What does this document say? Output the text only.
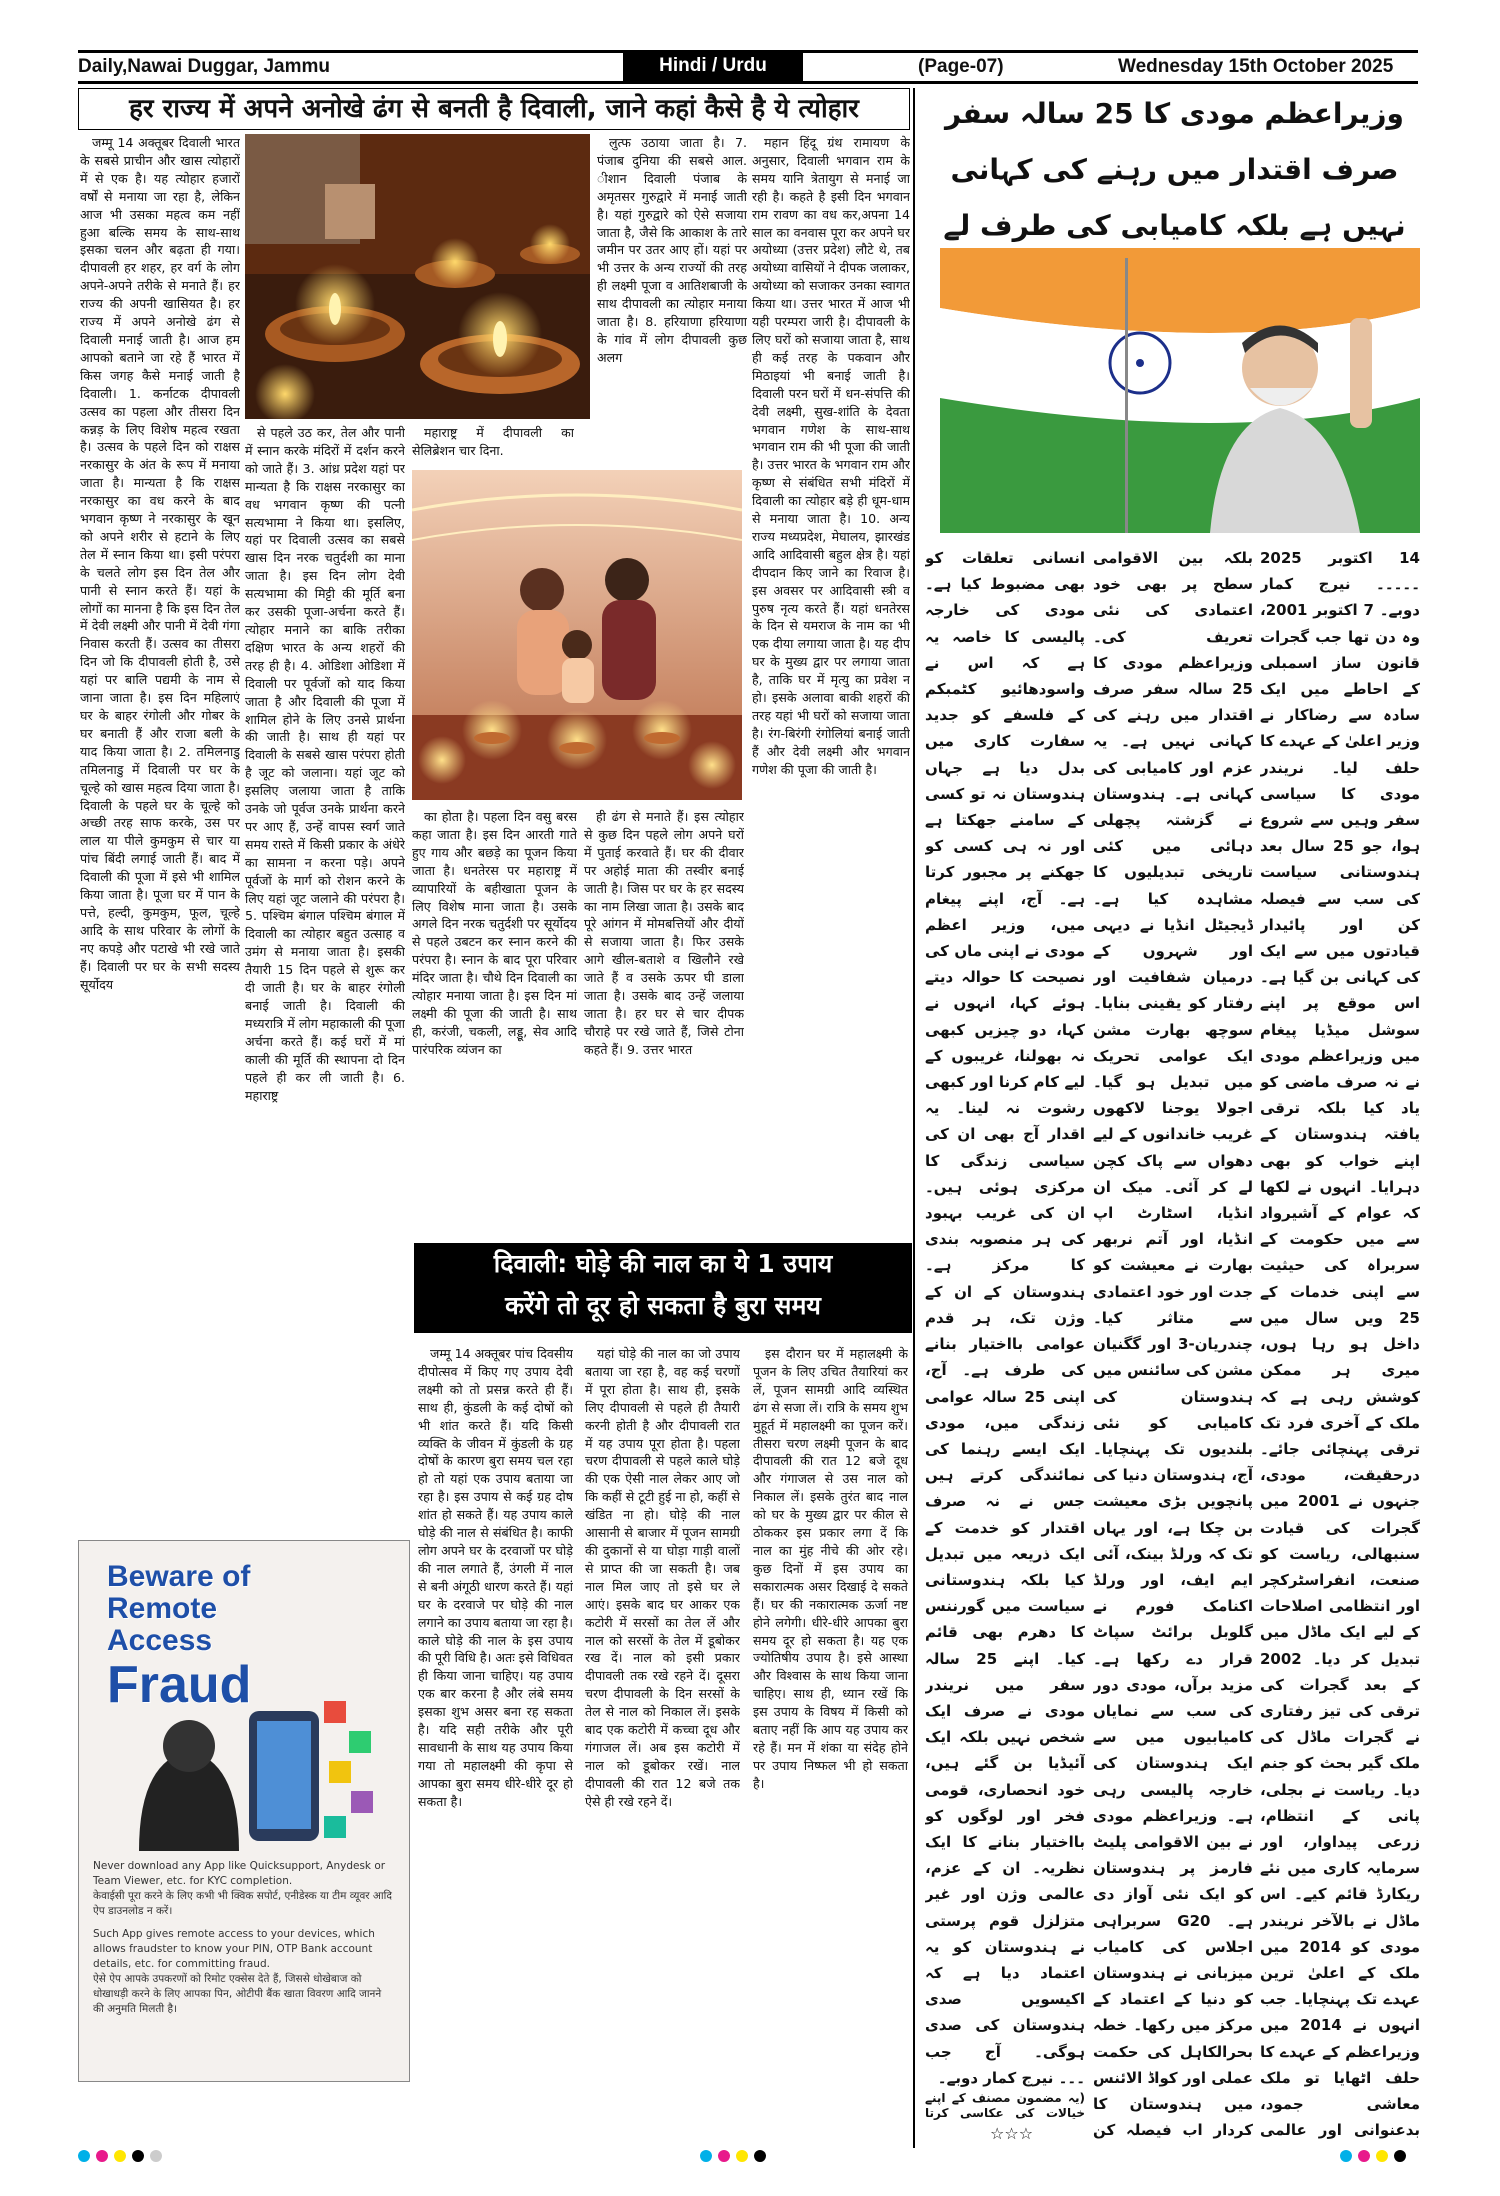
Daily,Nawai Duggar, Jammu	Hindi / Urdu	(Page-07)	Wednesday 15th October 2025
हर राज्य में अपने अनोखे ढंग से बनती है दिवाली, जाने कहां कैसे है ये त्योहार

जम्मू 14 अक्तूबर दिवाली भारत के सबसे प्राचीन और खास त्योहारों में से एक है। यह त्योहार हजारों वर्षों से मनाया जा रहा है, लेकिन आज भी उसका महत्व कम नहीं हुआ बल्कि समय के साथ-साथ इसका चलन और बढ़ता ही गया। दीपावली हर शहर, हर वर्ग के लोग अपने-अपने तरीके से मनाते हैं। हर राज्य की अपनी खासियत है। हर राज्य में अपने अनोखे ढंग से दिवाली मनाई जाती है। आज हम आपको बताने जा रहे हैं भारत में किस जगह कैसे मनाई जाती है दिवाली। 1. कर्नाटक दीपावली उत्सव का पहला और तीसरा दिन कन्नड़ के लिए विशेष महत्व रखता है। उत्सव के पहले दिन को राक्षस नरकासुर के अंत के रूप में मनाया जाता है। मान्यता है कि राक्षस नरकासुर का वध करने के बाद भगवान कृष्ण ने नरकासुर के खून को अपने शरीर से हटाने के लिए तेल में स्नान किया था। इसी परंपरा के चलते लोग इस दिन तेल और पानी से स्नान करते हैं। यहां के लोगों का मानना है कि इस दिन तेल में देवी लक्ष्मी और पानी में देवी गंगा निवास करती हैं। उत्सव का तीसरा दिन जो कि दीपावली होती है, उसे यहां पर बालि पद्यमी के नाम से जाना जाता है। इस दिन महिलाएं घर के बाहर रंगोली और गोबर के घर बनाती हैं और राजा बली के याद किया जाता है। 2. तमिलनाडु तमिलनाडु में दिवाली पर घर के चूल्हे को खास महत्व दिया जाता है। दिवाली के पहले घर के चूल्हे को अच्छी तरह साफ करके, उस पर लाल या पीले कुमकुम से चार या पांच बिंदी लगाई जाती हैं। बाद में दिवाली की पूजा में इसे भी शामिल किया जाता है। पूजा घर में पान के पत्ते, हल्दी, कुमकुम, फूल, चूल्हे आदि के साथ परिवार के लोगों के नए कपड़े और पटाखे भी रखे जाते हैं। दिवाली पर घर के सभी सदस्य सूर्योदय

से पहले उठ कर, तेल और पानी में स्नान करके मंदिरों में दर्शन करने को जाते हैं। 3. आंध्र प्रदेश यहां पर मान्यता है कि राक्षस नरकासुर का वध भगवान कृष्ण की पत्नी सत्यभामा ने किया था। इसलिए, यहां पर दिवाली उत्सव का सबसे खास दिन नरक चतुर्दशी का माना जाता है। इस दिन लोग देवी सत्यभामा की मिट्टी की मूर्ति बना कर उसकी पूजा-अर्चना करते हैं। त्योहार मनाने का बाकि तरीका दक्षिण भारत के अन्य शहरों की तरह ही है। 4. ओडिशा ओडिशा में दिवाली पर पूर्वजों को याद किया जाता है और दिवाली की पूजा में शामिल होने के लिए उनसे प्रार्थना की जाती है। साथ ही यहां पर दिवाली के सबसे खास परंपरा होती है जूट को जलाना। यहां जूट को इसलिए जलाया जाता है ताकि उनके जो पूर्वज उनके प्रार्थना करने पर आए हैं, उन्हें वापस स्वर्ग जाते समय रास्ते में किसी प्रकार के अंधेरे का सामना न करना पड़े। अपने पूर्वजों के मार्ग को रोशन करने के लिए यहां जूट जलाने की परंपरा है। 5. पश्चिम बंगाल पश्चिम बंगाल में दिवाली का त्योहार बहुत उत्साह व उमंग से मनाया जाता है। इसकी तैयारी 15 दिन पहले से शुरू कर दी जाती है। घर के बाहर रंगोली बनाई जाती है। दिवाली की मध्यरात्रि में लोग महाकाली की पूजा अर्चना करते हैं। कई घरों में मां काली की मूर्ति की स्थापना दो दिन पहले ही कर ली जाती है। 6. महाराष्ट्र

महाराष्ट्र में दीपावली का सेलिब्रेशन चार दिना.

का होता है। पहला दिन वसु बरस कहा जाता है। इस दिन आरती गाते हुए गाय और बछड़े का पूजन किया जाता है। धनतेरस पर महाराष्ट्र में व्यापारियों के बहीखाता पूजन के लिए विशेष माना जाता है। उसके अगले दिन नरक चतुर्दशी पर सूर्योदय से पहले उबटन कर स्नान करने की परंपरा है। स्नान के बाद पूरा परिवार मंदिर जाता है। चौथे दिन दिवाली का त्योहार मनाया जाता है। इस दिन मां लक्ष्मी की पूजा की जाती है। साथ ही, करंजी, चकली, लड्डू, सेव आदि पारंपरिक व्यंजन का

लुत्फ उठाया जाता है। 7. पंजाब दुनिया की सबसे आल. ीशान दिवाली पंजाब के अमृतसर गुरुद्वारे में मनाई जाती है। यहां गुरुद्वारे को ऐसे सजाया जाता है, जैसे कि आकाश के तारे जमीन पर उतर आए हों। यहां पर भी उत्तर के अन्य राज्यों की तरह ही लक्ष्मी पूजा व आतिशबाजी के साथ दीपावली का त्योहार मनाया जाता है। 8. हरियाणा हरियाणा के गांव में लोग दीपावली कुछ अलग

ही ढंग से मनाते हैं। इस त्योहार से कुछ दिन पहले लोग अपने घरों में पुताई करवाते हैं। घर की दीवार पर अहोई माता की तस्वीर बनाई जाती है। जिस पर घर के हर सदस्य का नाम लिखा जाता है। उसके बाद पूरे आंगन में मोमबत्तियों और दीयों से सजाया जाता है। फिर उसके आगे खील-बताशे व खिलौने रखे जाते हैं व उसके ऊपर घी डाला जाता है। उसके बाद उन्हें जलाया जाता है। हर घर से चार दीपक चौराहे पर रखे जाते हैं, जिसे टोना कहते हैं। 9. उत्तर भारत

महान हिंदू ग्रंथ रामायण के अनुसार, दिवाली भगवान राम के समय यानि त्रेतायुग से मनाई जा रही है। कहते है इसी दिन भगवान राम रावण का वध कर,अपना 14 साल का वनवास पूरा कर अपने घर अयोध्या (उत्तर प्रदेश) लौटे थे, तब अयोध्या वासियों ने दीपक जलाकर, अयोध्या को सजाकर उनका स्वागत किया था। उत्तर भारत में आज भी यही परम्परा जारी है। दीपावली के लिए घरों को सजाया जाता है, साथ ही कई तरह के पकवान और मिठाइयां भी बनाई जाती है। दिवाली परन घरों में धन-संपत्ति की देवी लक्ष्मी, सुख-शांति के देवता भगवान गणेश के साथ-साथ भगवान राम की भी पूजा की जाती है। उत्तर भारत के भगवान राम और कृष्ण से संबंधित सभी मंदिरों में दिवाली का त्योहार बड़े ही धूम-धाम से मनाया जाता है। 10. अन्य राज्य मध्यप्रदेश, मेघालय, झारखंड आदि आदिवासी बहुल क्षेत्र है। यहां दीपदान किए जाने का रिवाज है। इस अवसर पर आदिवासी स्त्री व पुरुष नृत्य करते हैं। यहां धनतेरस के दिन से यमराज के नाम का भी एक दीया लगाया जाता है। यह दीप घर के मुख्य द्वार पर लगाया जाता है, ताकि घर में मृत्यु का प्रवेश न हो। इसके अलावा बाकी शहरों की तरह यहां भी घरों को सजाया जाता है। रंग-बिरंगी रंगोलियां बनाई जाती हैं और देवी लक्ष्मी और भगवान गणेश की पूजा की जाती है।

दिवाली: घोड़े की नाल का ये 1 उपाय
करेंगे तो दूर हो सकता है बुरा समय

जम्मू 14 अक्तूबर पांच दिवसीय दीपोत्सव में किए गए उपाय देवी लक्ष्मी को तो प्रसन्न करते ही हैं। साथ ही, कुंडली के कई दोषों को भी शांत करते हैं। यदि किसी व्यक्ति के जीवन में कुंडली के ग्रह दोषों के कारण बुरा समय चल रहा हो तो यहां एक उपाय बताया जा रहा है। इस उपाय से कई ग्रह दोष शांत हो सकते हैं। यह उपाय काले घोड़े की नाल से संबंधित है। काफी लोग अपने घर के दरवाजों पर घोड़े की नाल लगाते हैं, उंगली में नाल से बनी अंगूठी धारण करते हैं। यहां घर के दरवाजे पर घोड़े की नाल लगाने का उपाय बताया जा रहा है। काले घोड़े की नाल के इस उपाय की पूरी विधि है। अतः इसे विधिवत ही किया जाना चाहिए। यह उपाय एक बार करना है और लंबे समय इसका शुभ असर बना रह सकता है। यदि सही तरीके और पूरी सावधानी के साथ यह उपाय किया गया तो महालक्ष्मी की कृपा से आपका बुरा समय धीरे-धीरे दूर हो सकता है।

यहां घोड़े की नाल का जो उपाय बताया जा रहा है, वह कई चरणों में पूरा होता है। साथ ही, इसके लिए दीपावली से पहले ही तैयारी करनी होती है और दीपावली रात में यह उपाय पूरा होता है। पहला चरण दीपावली से पहले काले घोड़े की एक ऐसी नाल लेकर आए जो कि कहीं से टूटी हुई ना हो, कहीं से खंडित ना हो। घोड़े की नाल आसानी से बाजार में पूजन सामग्री की दुकानों से या घोड़ा गाड़ी वालों से प्राप्त की जा सकती है। जब नाल मिल जाए तो इसे घर ले आएं। इसके बाद घर आकर एक कटोरी में सरसों का तेल लें और नाल को सरसों के तेल में डूबोकर रख दें। नाल को इसी प्रकार दीपावली तक रखे रहने दें। दूसरा चरण दीपावली के दिन सरसों के तेल से नाल को निकाल लें। इसके बाद एक कटोरी में कच्चा दूध और गंगाजल लें। अब इस कटोरी में नाल को डूबोकर रखें। नाल दीपावली की रात 12 बजे तक ऐसे ही रखे रहने दें।

इस दौरान घर में महालक्ष्मी के पूजन के लिए उचित तैयारियां कर लें, पूजन सामग्री आदि व्यस्थित ढंग से सजा लें। रात्रि के समय शुभ मुहूर्त में महालक्ष्मी का पूजन करें। तीसरा चरण लक्ष्मी पूजन के बाद दीपावली की रात 12 बजे दूध और गंगाजल से उस नाल को निकाल लें। इसके तुरंत बाद नाल को घर के मुख्य द्वार पर कील से ठोककर इस प्रकार लगा दें कि नाल का मुंह नीचे की ओर रहे। कुछ दिनों में इस उपाय का सकारात्मक असर दिखाई दे सकते हैं। घर की नकारात्मक ऊर्जा नष्ट होने लगेगी। धीरे-धीरे आपका बुरा समय दूर हो सकता है। यह एक ज्योतिषीय उपाय है। इसे आस्था और विश्वास के साथ किया जाना चाहिए। साथ ही, ध्यान रखें कि इस उपाय के विषय में किसी को बताए नहीं कि आप यह उपाय कर रहे हैं। मन में शंका या संदेह होने पर उपाय निष्फल भी हो सकता है।

Beware of
Remote Access
Fraud
Never download any App like Quicksupport, Anydesk or Team Viewer, etc. for KYC completion.
केवाईसी पूरा करने के लिए कभी भी क्विक सपोर्ट, एनीडेस्क या टीम व्यूवर आदि ऐप डाउनलोड न करें।
Such App gives remote access to your devices, which allows fraudster to know your PIN, OTP Bank account details, etc. for committing fraud.
ऐसे ऐप आपके उपकरणों को रिमोट एक्सेस देते हैं, जिससे धोखेबाज को धोखाधड़ी करने के लिए आपका पिन, ओटीपी बैंक खाता विवरण आदि जानने की अनुमति मिलती है।
وزیراعظم مودی کا 25 سالہ سفر صرف اقتدار میں رہنے کی کہانی نہیں ہے بلکہ کامیابی کی طرف لے

14 اکتوبر 2025 ۔۔۔۔۔ نیرج کمار دوبے۔ 7 اکتوبر 2001، وہ دن تھا جب گجرات قانون ساز اسمبلی کے احاطے میں ایک سادہ سے رضاکار نے وزیر اعلیٰ کے عہدے کا حلف لیا۔ نریندر مودی کا سیاسی سفر وہیں سے شروع ہوا، جو 25 سال بعد ہندوستانی سیاست کی سب سے فیصلہ کن اور پائیدار قیادتوں میں سے ایک کی کہانی بن گیا ہے۔ اس موقع پر اپنے سوشل میڈیا پیغام میں وزیراعظم مودی نے نہ صرف ماضی کو یاد کیا بلکہ ترقی یافتہ ہندوستان کے اپنے خواب کو بھی دہرایا۔ انہوں نے لکھا کہ عوام کے آشیرواد سے میں حکومت کے سربراہ کی حیثیت سے اپنی خدمات کے 25 ویں سال میں داخل ہو رہا ہوں، میری ہر ممکن کوشش رہی ہے کہ ملک کے آخری فرد تک ترقی پہنچائی جائے۔ درحقیقت، مودی، جنہوں نے 2001 میں گجرات کی قیادت سنبھالی، ریاست کو صنعت، انفراسٹرکچر اور انتظامی اصلاحات کے لیے ایک ماڈل میں تبدیل کر دیا۔ 2002 کے بعد گجرات کی ترقی کی تیز رفتاری نے گجرات ماڈل کی ملک گیر بحث کو جنم دیا۔ ریاست نے بجلی، پانی کے انتظام، زرعی پیداوار، اور سرمایہ کاری میں نئے ریکارڈ قائم کیے۔ اس ماڈل نے بالآخر نریندر مودی کو 2014 میں ملک کے اعلیٰ ترین عہدے تک پہنچایا۔ جب انہوں نے 2014 میں وزیراعظم کے عہدے کا حلف اٹھایا تو ملک معاشی جمود، بدعنوانی اور عالمی

بلکہ بین الاقوامی سطح پر بھی خود اعتمادی کی نئی تعریف کی۔ وزیراعظم مودی کا 25 سالہ سفر صرف اقتدار میں رہنے کی کہانی نہیں ہے۔ یہ عزم اور کامیابی کی کہانی ہے۔ ہندوستان نے گزشتہ پچھلی دہائی میں کئی تاریخی تبدیلیوں کا مشاہدہ کیا ہے۔ ڈیجیٹل انڈیا نے دیہی اور شہروں کے درمیان شفافیت اور رفتار کو یقینی بنایا۔ سوچھ بھارت مشن ایک عوامی تحریک میں تبدیل ہو گیا۔ اجولا یوجنا لاکھوں غریب خاندانوں کے لیے دھواں سے پاک کچن لے کر آئی۔ میک ان انڈیا، اسٹارٹ اپ انڈیا، اور آتم نربھر بھارت نے معیشت کو جدت اور خود اعتمادی سے متاثر کیا۔ چندریان-3 اور گگنیان مشن کی سائنس میں ہندوستان کی کامیابی کو نئی بلندیوں تک پہنچایا۔ آج، ہندوستان دنیا کی پانچویں بڑی معیشت بن چکا ہے، اور یہاں تک کہ ورلڈ بینک، آئی ایم ایف، اور ورلڈ اکنامک فورم نے گلوبل برائٹ سپاٹ قرار دے رکھا ہے۔ مزید برآں، مودی دور کی سب سے نمایاں کامیابیوں میں سے ایک ہندوستان کی خارجہ پالیسی رہی ہے۔ وزیراعظم مودی نے بین الاقوامی پلیٹ فارمز پر ہندوستان کو ایک نئی آواز دی ہے۔ G20 سربراہی اجلاس کی کامیاب میزبانی نے ہندوستان کو دنیا کے اعتماد کے مرکز میں رکھا۔ خطہ بحرالکاہل کی حکمت عملی اور کواڈ الائنس میں ہندوستان کا کردار اب فیصلہ کن

انسانی تعلقات کو بھی مضبوط کیا ہے۔ مودی کی خارجہ پالیسی کا خاصہ یہ ہے کہ اس نے واسودھائیو کٹمبکم کے فلسفے کو جدید سفارت کاری میں بدل دیا ہے جہاں ہندوستان نہ تو کسی کے سامنے جھکتا ہے اور نہ ہی کسی کو جھکنے پر مجبور کرتا ہے۔ آج، اپنے پیغام میں، وزیر اعظم مودی نے اپنی ماں کی نصیحت کا حوالہ دیتے ہوئے کہا، انہوں نے کہا، دو چیزیں کبھی نہ بھولنا، غریبوں کے لیے کام کرنا اور کبھی رشوت نہ لینا۔ یہ اقدار آج بھی ان کی سیاسی زندگی کا مرکزی ہوئی ہیں۔ ان کی غریب بہبود کی ہر منصوبہ بندی کا مرکز ہے۔ ہندوستان کے ان کے وژن تک، ہر قدم عوامی بااختیار بنانے کی طرف ہے۔ آج، اپنی 25 سالہ عوامی زندگی میں، مودی ایک ایسے رہنما کی نمائندگی کرتے ہیں جس نے نہ صرف اقتدار کو خدمت کے ایک ذریعہ میں تبدیل کیا بلکہ ہندوستانی سیاست میں گورننس کا دھرم بھی قائم کیا۔ اپنے 25 سالہ سفر میں نریندر مودی نے صرف ایک شخص نہیں بلکہ ایک آئیڈیا بن گئے ہیں، خود انحصاری، قومی فخر اور لوگوں کو بااختیار بنانے کا ایک نظریہ۔ ان کے عزم، عالمی وژن اور غیر متزلزل قوم پرستی نے ہندوستان کو یہ اعتماد دیا ہے کہ اکیسویں صدی ہندوستان کی صدی ہوگی۔ آج جب

۔۔۔ نیرج کمار دوبے۔

(یہ مضمون مصنف کے اپنے خیالات کی عکاسی کرتا

☆☆☆
